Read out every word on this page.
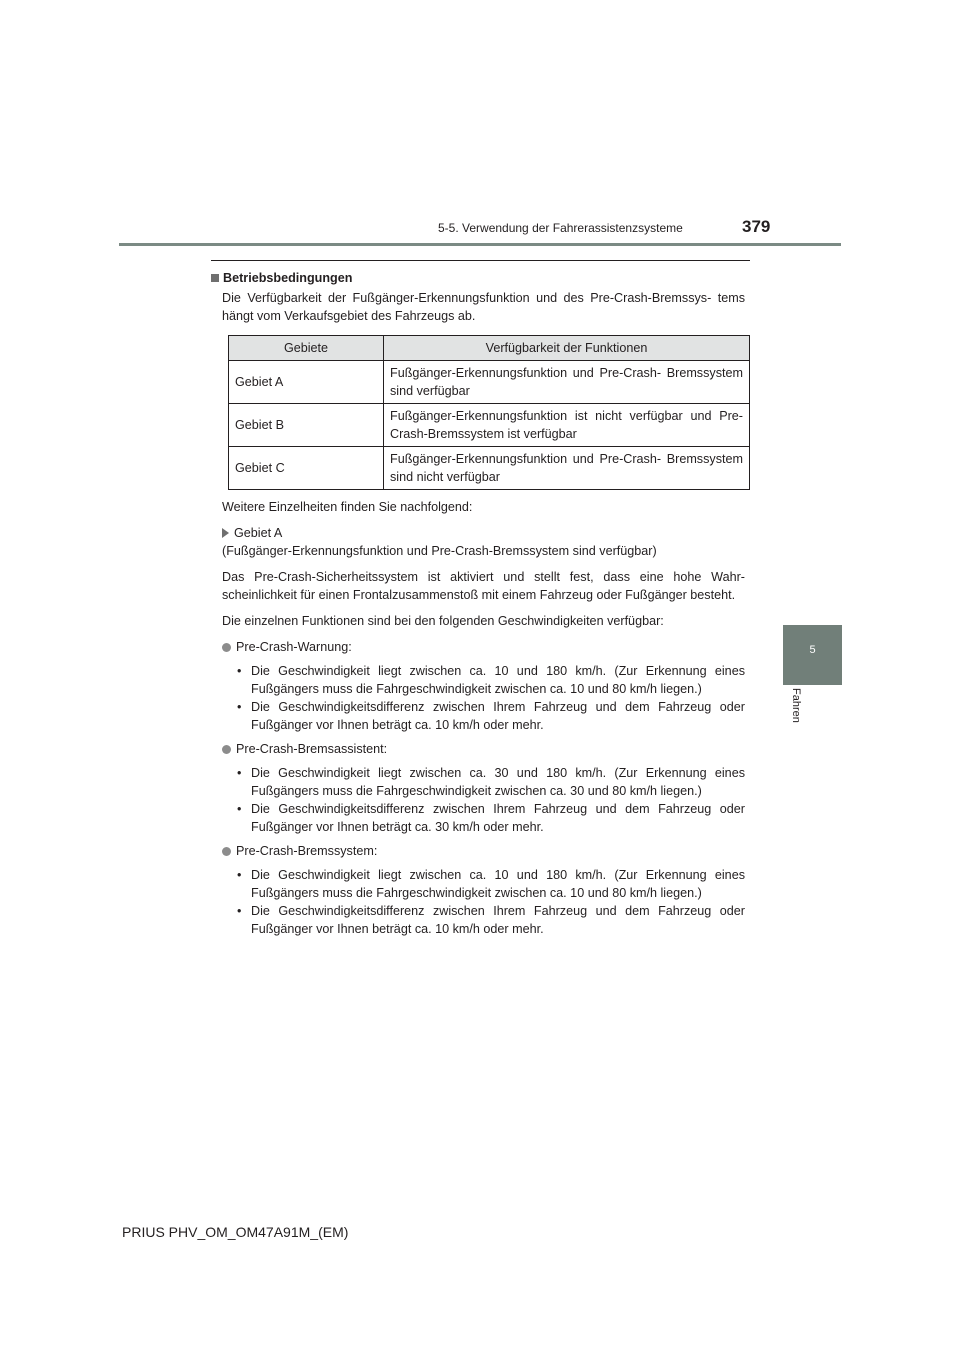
5-5. Verwendung der Fahrerassistenzsysteme	379
5
Fahren

Betriebsbedingungen

Die Verfügbarkeit der Fußgänger-Erkennungsfunktion und des Pre-Crash-Bremssys- tems hängt vom Verkaufsgebiet des Fahrzeugs ab.

Gebiete	Verfügbarkeit der Funktionen
Gebiet A	Fußgänger-Erkennungsfunktion und Pre-Crash- Bremssystem sind verfügbar
Gebiet B	Fußgänger-Erkennungsfunktion ist nicht verfügbar und Pre-Crash-Bremssystem ist verfügbar
Gebiet C	Fußgänger-Erkennungsfunktion und Pre-Crash- Bremssystem sind nicht verfügbar

Weitere Einzelheiten finden Sie nachfolgend:

Gebiet A
(Fußgänger-Erkennungsfunktion und Pre-Crash-Bremssystem sind verfügbar)

Das Pre-Crash-Sicherheitssystem ist aktiviert und stellt fest, dass eine hohe Wahr- scheinlichkeit für einen Frontalzusammenstoß mit einem Fahrzeug oder Fußgänger besteht.

Die einzelnen Funktionen sind bei den folgenden Geschwindigkeiten verfügbar:

Pre-Crash-Warnung:
• Die Geschwindigkeit liegt zwischen ca. 10 und 180 km/h. (Zur Erkennung eines Fußgängers muss die Fahrgeschwindigkeit zwischen ca. 10 und 80 km/h liegen.)
• Die Geschwindigkeitsdifferenz zwischen Ihrem Fahrzeug und dem Fahrzeug oder Fußgänger vor Ihnen beträgt ca. 10 km/h oder mehr.
Pre-Crash-Bremsassistent:
• Die Geschwindigkeit liegt zwischen ca. 30 und 180 km/h. (Zur Erkennung eines Fußgängers muss die Fahrgeschwindigkeit zwischen ca. 30 und 80 km/h liegen.)
• Die Geschwindigkeitsdifferenz zwischen Ihrem Fahrzeug und dem Fahrzeug oder Fußgänger vor Ihnen beträgt ca. 30 km/h oder mehr.
Pre-Crash-Bremssystem:
• Die Geschwindigkeit liegt zwischen ca. 10 und 180 km/h. (Zur Erkennung eines Fußgängers muss die Fahrgeschwindigkeit zwischen ca. 10 und 80 km/h liegen.)
• Die Geschwindigkeitsdifferenz zwischen Ihrem Fahrzeug und dem Fahrzeug oder Fußgänger vor Ihnen beträgt ca. 10 km/h oder mehr.
PRIUS PHV_OM_OM47A91M_(EM)
